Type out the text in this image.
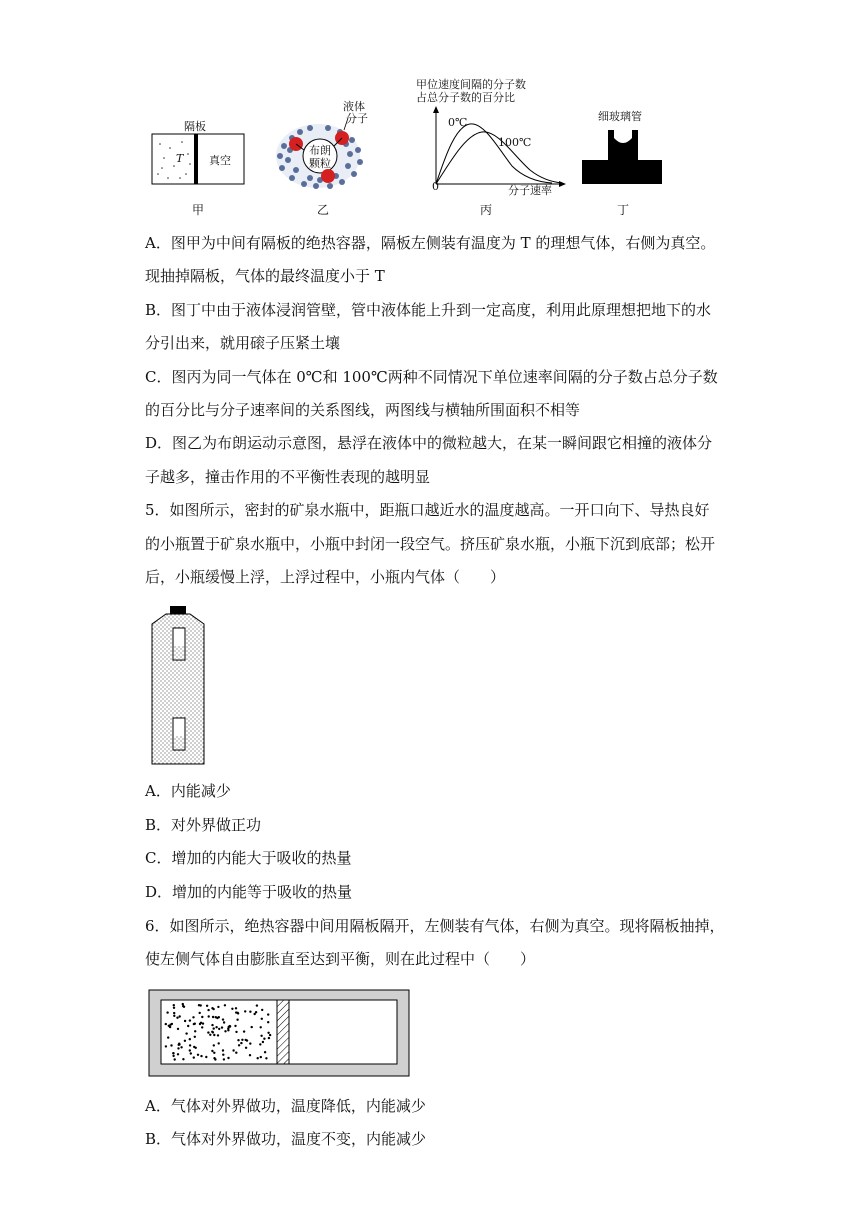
隔板
T 真空
甲
液体
分子
布朗
颗粒
乙
甲位速度间隔的分子数
占总分子数的百分比
0℃
100℃
0	分子速率
丙
细玻璃管
丁
A．图甲为中间有隔板的绝热容器，隔板左侧装有温度为 T 的理想气体，右侧为真空。
现抽掉隔板，气体的最终温度小于 T
B．图丁中由于液体浸润管壁，管中液体能上升到一定高度，利用此原理想把地下的水
分引出来，就用磙子压紧土壤
C．图丙为同一气体在 0℃和 100℃两种不同情况下单位速率间隔的分子数占总分子数
的百分比与分子速率间的关系图线，两图线与横轴所围面积不相等
D．图乙为布朗运动示意图，悬浮在液体中的微粒越大，在某一瞬间跟它相撞的液体分
子越多，撞击作用的不平衡性表现的越明显
5．如图所示，密封的矿泉水瓶中，距瓶口越近水的温度越高。一开口向下、导热良好
的小瓶置于矿泉水瓶中，小瓶中封闭一段空气。挤压矿泉水瓶，小瓶下沉到底部；松开
后，小瓶缓慢上浮，上浮过程中，小瓶内气体（　　）
A．内能减少
B．对外界做正功
C．增加的内能大于吸收的热量
D．增加的内能等于吸收的热量
6．如图所示，绝热容器中间用隔板隔开，左侧装有气体，右侧为真空。现将隔板抽掉，
使左侧气体自由膨胀直至达到平衡，则在此过程中（　　）
A．气体对外界做功，温度降低，内能减少
B．气体对外界做功，温度不变，内能减少
